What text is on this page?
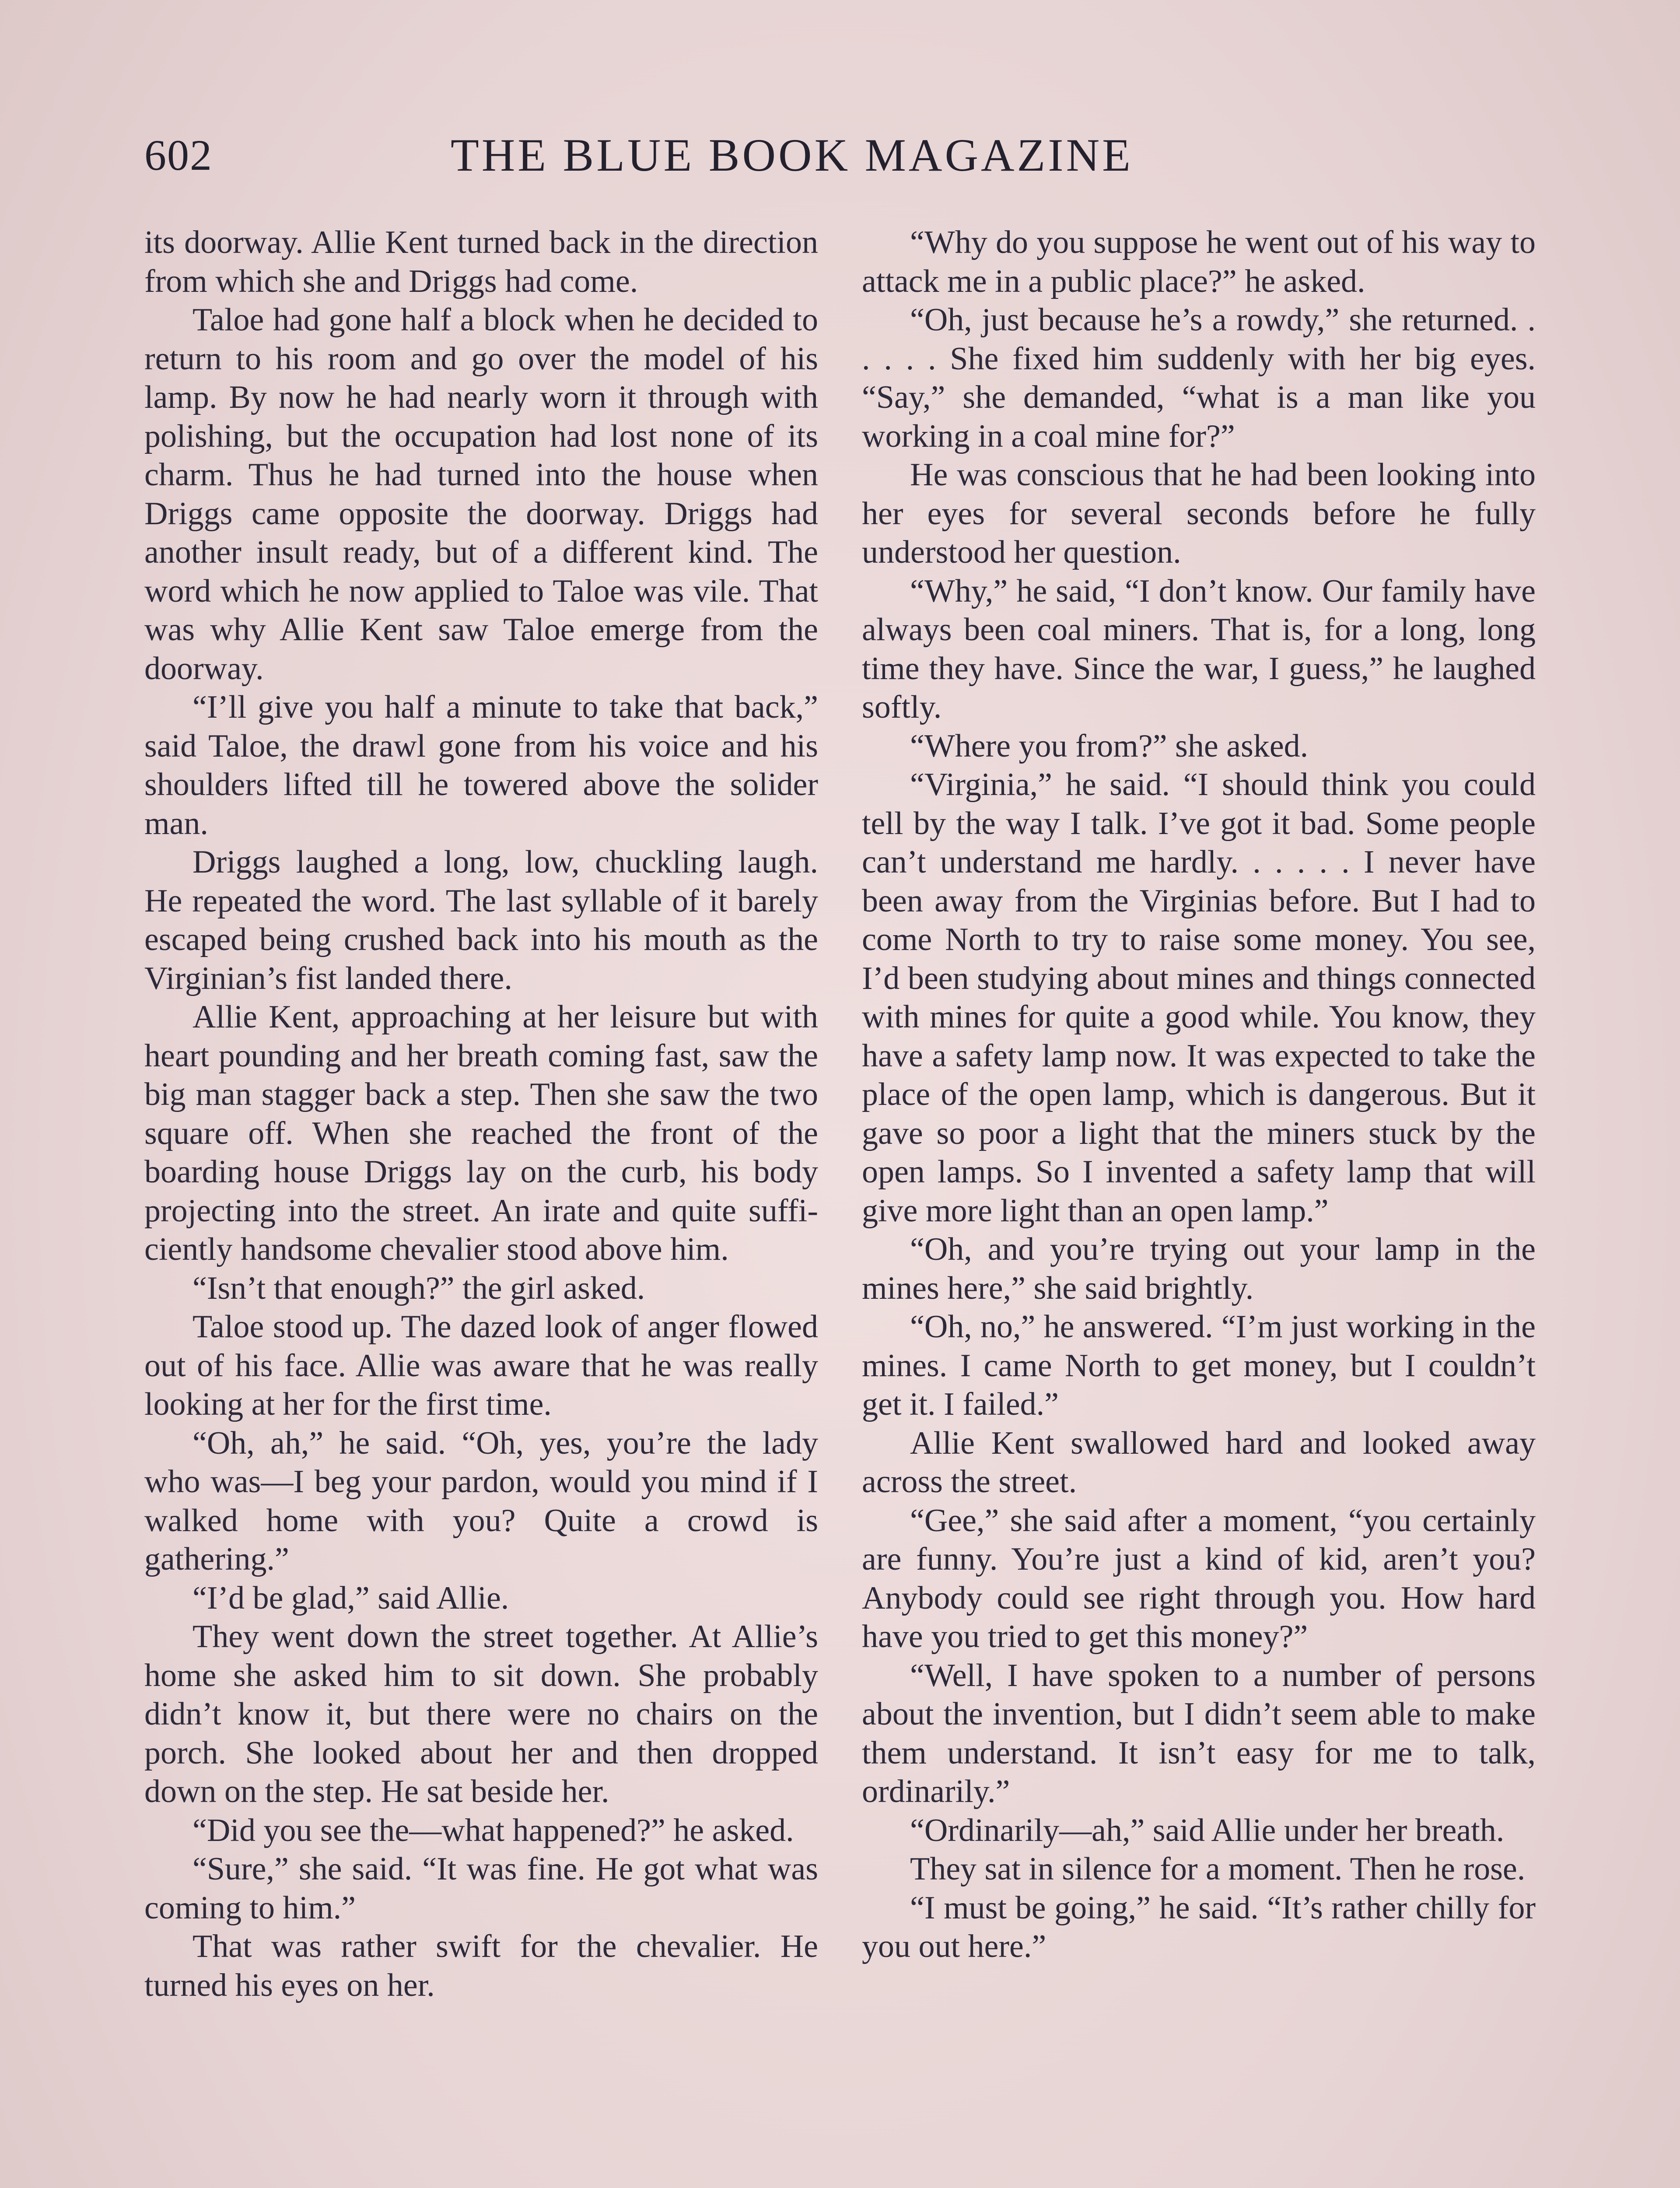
602	THE BLUE BOOK MAGAZINE

its doorway. Allie Kent turned back in the direction from which she and Driggs had come.

Taloe had gone half a block when he decided to return to his room and go over the model of his lamp. By now he had nearly worn it through with polishing, but the occupation had lost none of its charm. Thus he had turned into the house when Driggs came opposite the doorway. Driggs had another insult ready, but of a different kind. The word which he now applied to Taloe was vile. That was why Allie Kent saw Taloe emerge from the doorway.

“I’ll give you half a minute to take that back,” said Taloe, the drawl gone from his voice and his shoulders lifted till he towered above the solider man.

Driggs laughed a long, low, chuckling laugh. He repeated the word. The last syllable of it barely escaped being crushed back into his mouth as the Virginian’s fist landed there.

Allie Kent, approaching at her leisure but with heart pounding and her breath coming fast, saw the big man stagger back a step. Then she saw the two square off. When she reached the front of the boarding house Driggs lay on the curb, his body projecting into the street. An irate and quite sufficiently handsome chevalier stood above him.

“Isn’t that enough?” the girl asked.

Taloe stood up. The dazed look of anger flowed out of his face. Allie was aware that he was really looking at her for the first time.

“Oh, ah,” he said. “Oh, yes, you’re the lady who was—I beg your pardon, would you mind if I walked home with you? Quite a crowd is gathering.”

“I’d be glad,” said Allie.

They went down the street together. At Allie’s home she asked him to sit down. She probably didn’t know it, but there were no chairs on the porch. She looked about her and then dropped down on the step. He sat beside her.

“Did you see the—what happened?” he asked.

“Sure,” she said. “It was fine. He got what was coming to him.”

That was rather swift for the chevalier. He turned his eyes on her.

“Why do you suppose he went out of his way to attack me in a public place?” he asked.

“Oh, just because he’s a rowdy,” she returned. . . . . . She fixed him suddenly with her big eyes. “Say,” she demanded, “what is a man like you working in a coal mine for?”

He was conscious that he had been looking into her eyes for several seconds before he fully understood her question.

“Why,” he said, “I don’t know. Our family have always been coal miners. That is, for a long, long time they have. Since the war, I guess,” he laughed softly.

“Where you from?” she asked.

“Virginia,” he said. “I should think you could tell by the way I talk. I’ve got it bad. Some people can’t understand me hardly. . . . . . I never have been away from the Virginias before. But I had to come North to try to raise some money. You see, I’d been studying about mines and things connected with mines for quite a good while. You know, they have a safety lamp now. It was expected to take the place of the open lamp, which is dangerous. But it gave so poor a light that the miners stuck by the open lamps. So I invented a safety lamp that will give more light than an open lamp.”

“Oh, and you’re trying out your lamp in the mines here,” she said brightly.

“Oh, no,” he answered. “I’m just working in the mines. I came North to get money, but I couldn’t get it. I failed.”

Allie Kent swallowed hard and looked away across the street.

“Gee,” she said after a moment, “you certainly are funny. You’re just a kind of kid, aren’t you? Anybody could see right through you. How hard have you tried to get this money?”

“Well, I have spoken to a number of persons about the invention, but I didn’t seem able to make them understand. It isn’t easy for me to talk, ordinarily.”

“Ordinarily—ah,” said Allie under her breath.

They sat in silence for a moment. Then he rose.

“I must be going,” he said. “It’s rather chilly for you out here.”
